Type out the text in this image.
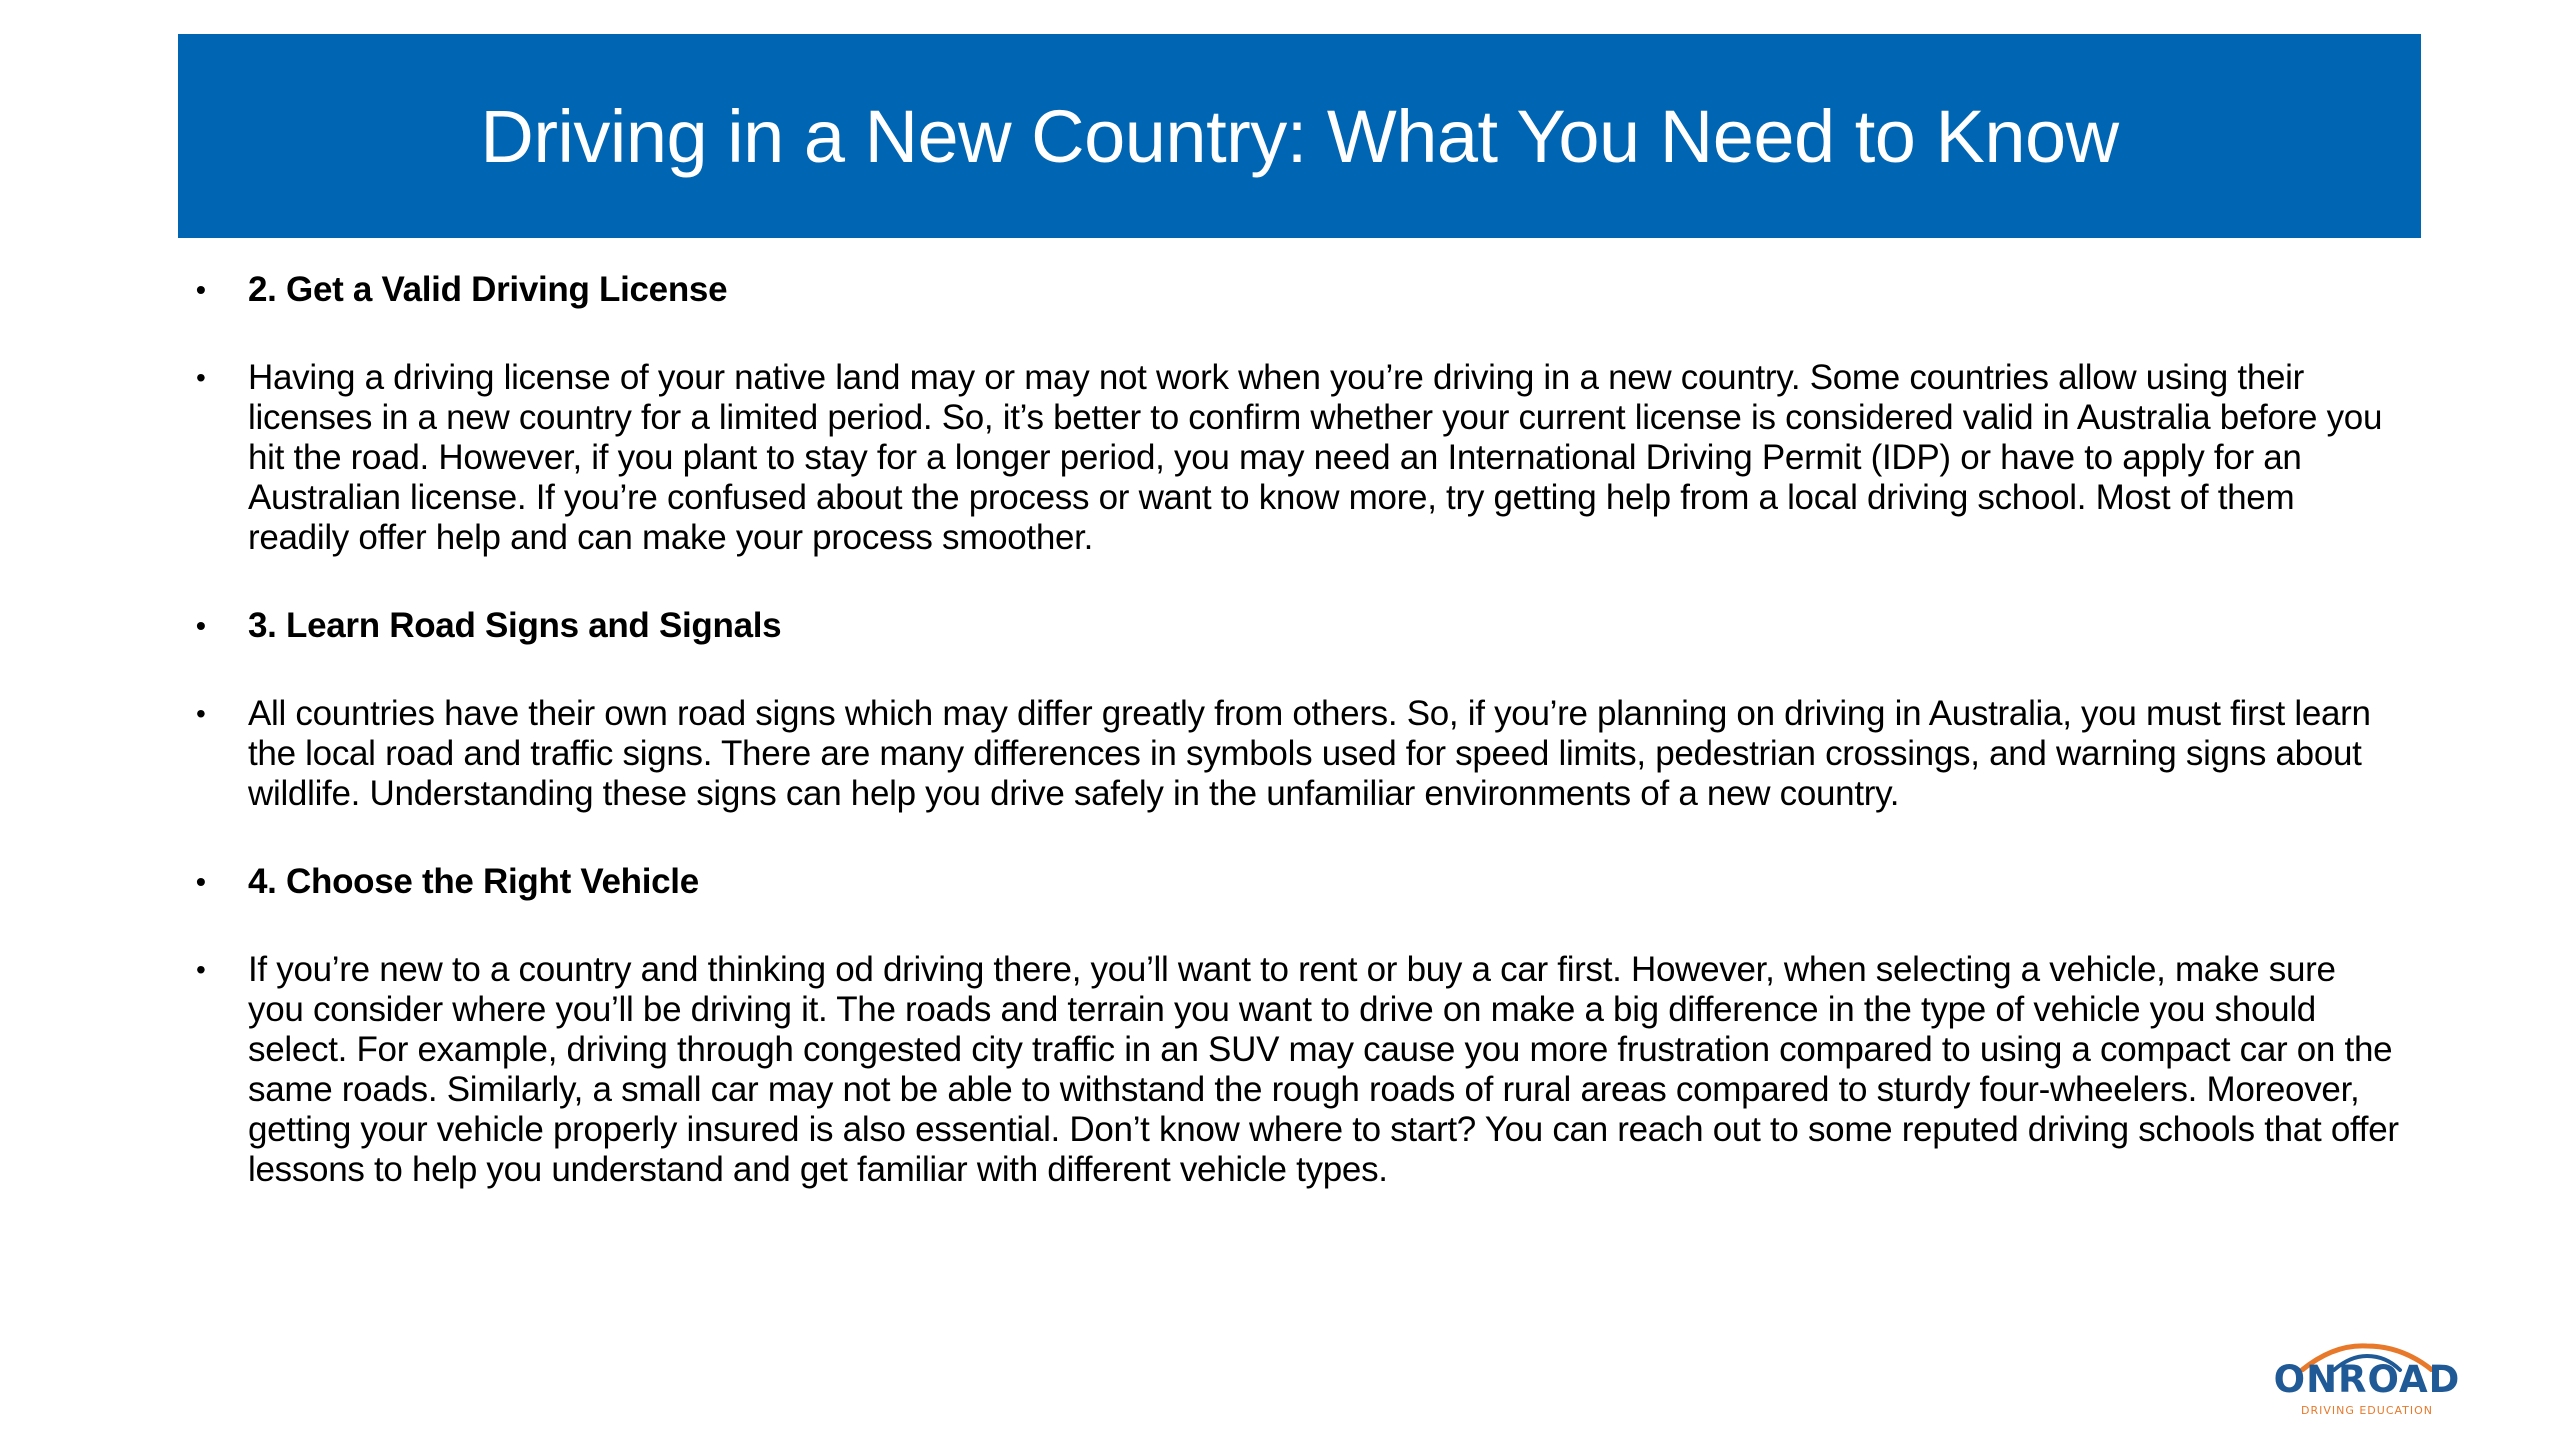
Driving in a New Country: What You Need to Know
• 2. Get a Valid Driving License
• Having a driving license of your native land may or may not work when you’re driving in a new country. Some countries allow using their licenses in a new country for a limited period. So, it’s better to confirm whether your current license is considered valid in Australia before you hit the road. However, if you plant to stay for a longer period, you may need an International Driving Permit (IDP) or have to apply for an Australian license. If you’re confused about the process or want to know more, try getting help from a local driving school. Most of them readily offer help and can make your process smoother.
• 3. Learn Road Signs and Signals
• All countries have their own road signs which may differ greatly from others. So, if you’re planning on driving in Australia, you must first learn the local road and traffic signs. There are many differences in symbols used for speed limits, pedestrian crossings, and warning signs about wildlife. Understanding these signs can help you drive safely in the unfamiliar environments of a new country.
• 4. Choose the Right Vehicle
• If you’re new to a country and thinking od driving there, you’ll want to rent or buy a car first. However, when selecting a vehicle, make sure you consider where you’ll be driving it. The roads and terrain you want to drive on make a big difference in the type of vehicle you should select. For example, driving through congested city traffic in an SUV may cause you more frustration compared to using a compact car on the same roads. Similarly, a small car may not be able to withstand the rough roads of rural areas compared to sturdy four-wheelers. Moreover, getting your vehicle properly insured is also essential. Don’t know where to start? You can reach out to some reputed driving schools that offer lessons to help you understand and get familiar with different vehicle types.
ONROAD
DRIVING EDUCATION
